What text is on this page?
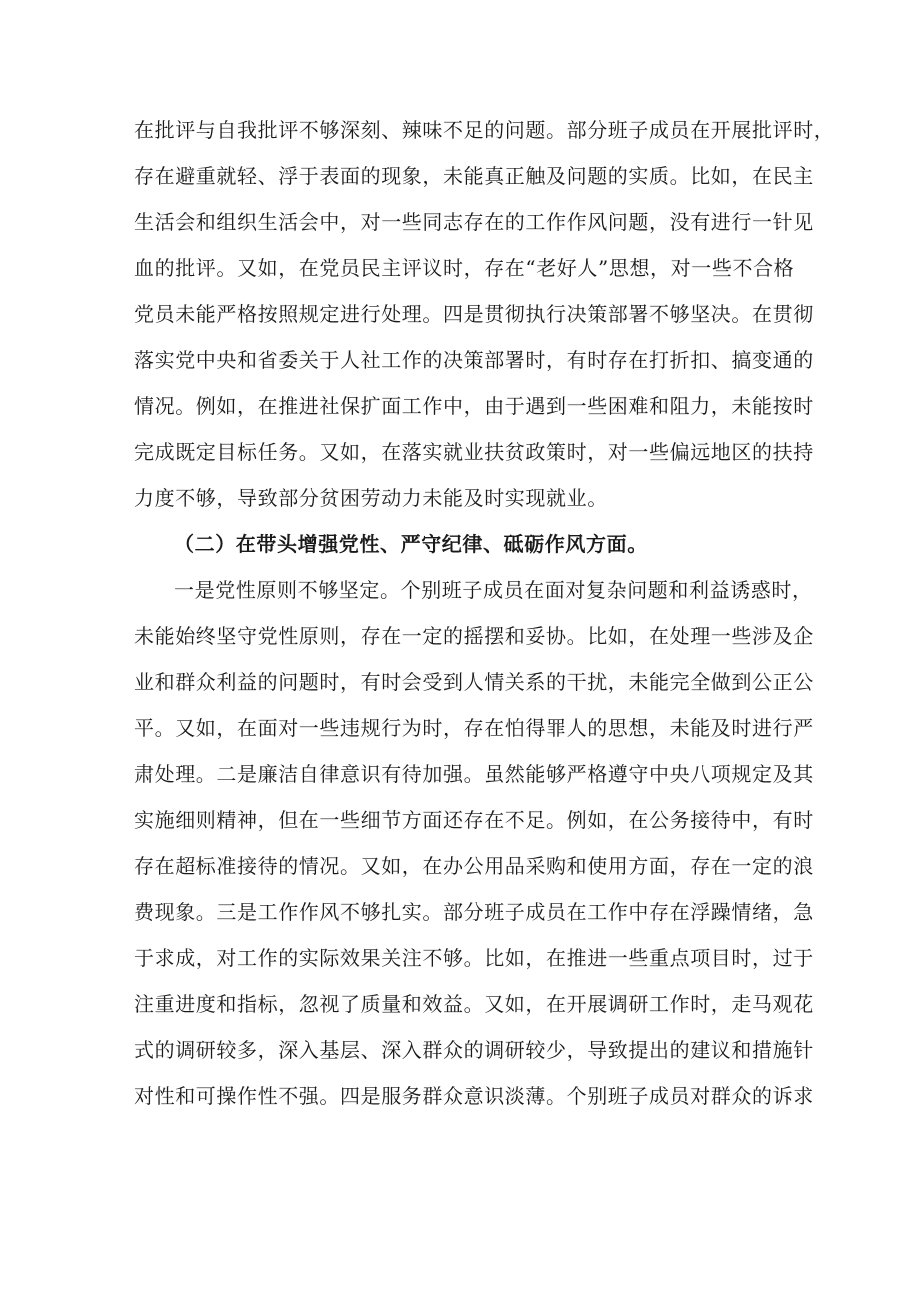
在批评与自我批评不够深刻、辣味不足的问题。部分班子成员在开展批评时，
存在避重就轻、浮于表面的现象，未能真正触及问题的实质。比如，在民主
生活会和组织生活会中，对一些同志存在的工作作风问题，没有进行一针见
血的批评。又如，在党员民主评议时，存在“老好人”思想，对一些不合格
党员未能严格按照规定进行处理。四是贯彻执行决策部署不够坚决。在贯彻
落实党中央和省委关于人社工作的决策部署时，有时存在打折扣、搞变通的
情况。例如，在推进社保扩面工作中，由于遇到一些困难和阻力，未能按时
完成既定目标任务。又如，在落实就业扶贫政策时，对一些偏远地区的扶持
力度不够，导致部分贫困劳动力未能及时实现就业。
（二）在带头增强党性、严守纪律、砥砺作风方面。
一是党性原则不够坚定。个别班子成员在面对复杂问题和利益诱惑时，
未能始终坚守党性原则，存在一定的摇摆和妥协。比如，在处理一些涉及企
业和群众利益的问题时，有时会受到人情关系的干扰，未能完全做到公正公
平。又如，在面对一些违规行为时，存在怕得罪人的思想，未能及时进行严
肃处理。二是廉洁自律意识有待加强。虽然能够严格遵守中央八项规定及其
实施细则精神，但在一些细节方面还存在不足。例如，在公务接待中，有时
存在超标准接待的情况。又如，在办公用品采购和使用方面，存在一定的浪
费现象。三是工作作风不够扎实。部分班子成员在工作中存在浮躁情绪，急
于求成，对工作的实际效果关注不够。比如，在推进一些重点项目时，过于
注重进度和指标，忽视了质量和效益。又如，在开展调研工作时，走马观花
式的调研较多，深入基层、深入群众的调研较少，导致提出的建议和措施针
对性和可操作性不强。四是服务群众意识淡薄。个别班子成员对群众的诉求
